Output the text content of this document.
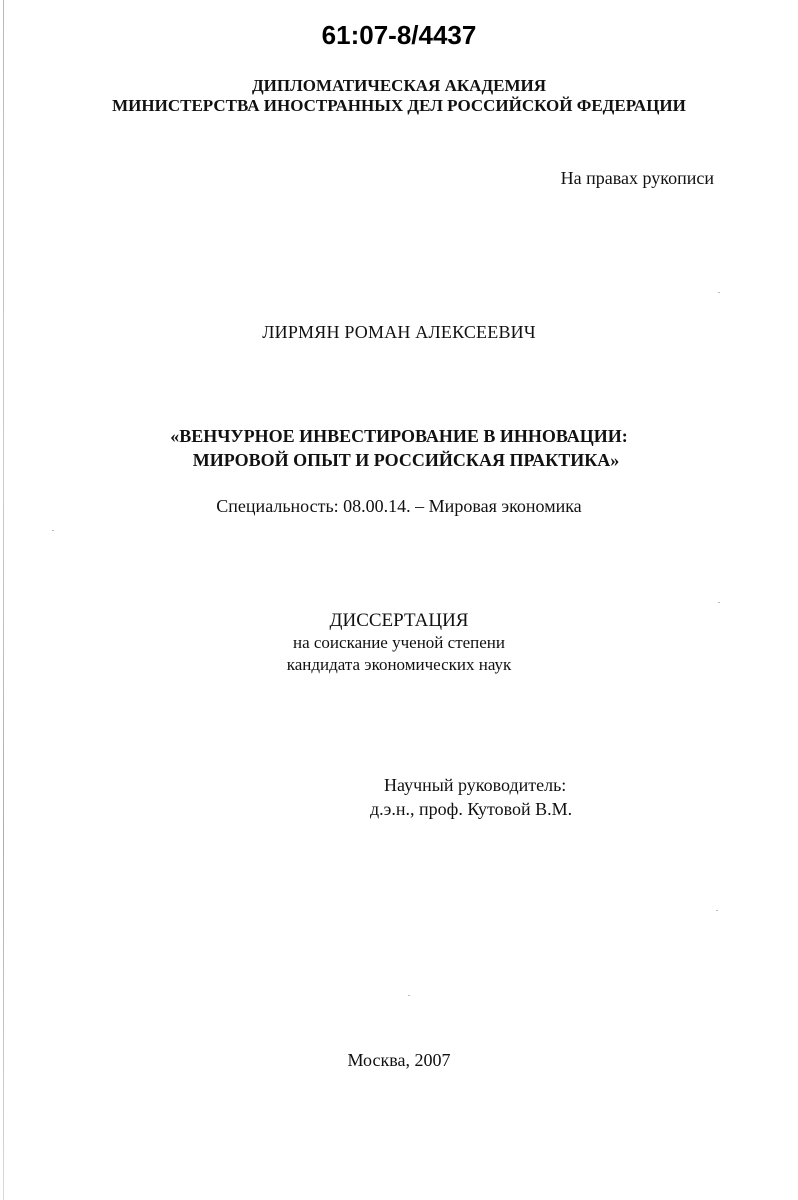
61:07-8/4437
ДИПЛОМАТИЧЕСКАЯ АКАДЕМИЯ
МИНИСТЕРСТВА ИНОСТРАННЫХ ДЕЛ РОССИЙСКОЙ ФЕДЕРАЦИИ
На правах рукописи
ЛИРМЯН РОМАН АЛЕКСЕЕВИЧ
«ВЕНЧУРНОЕ ИНВЕСТИРОВАНИЕ В ИННОВАЦИИ:
МИРОВОЙ ОПЫТ И РОССИЙСКАЯ ПРАКТИКА»
Специальность: 08.00.14. – Мировая экономика
ДИССЕРТАЦИЯ
на соискание ученой степени
кандидата экономических наук
Научный руководитель:
д.э.н., проф. Кутовой В.М.
Москва, 2007
